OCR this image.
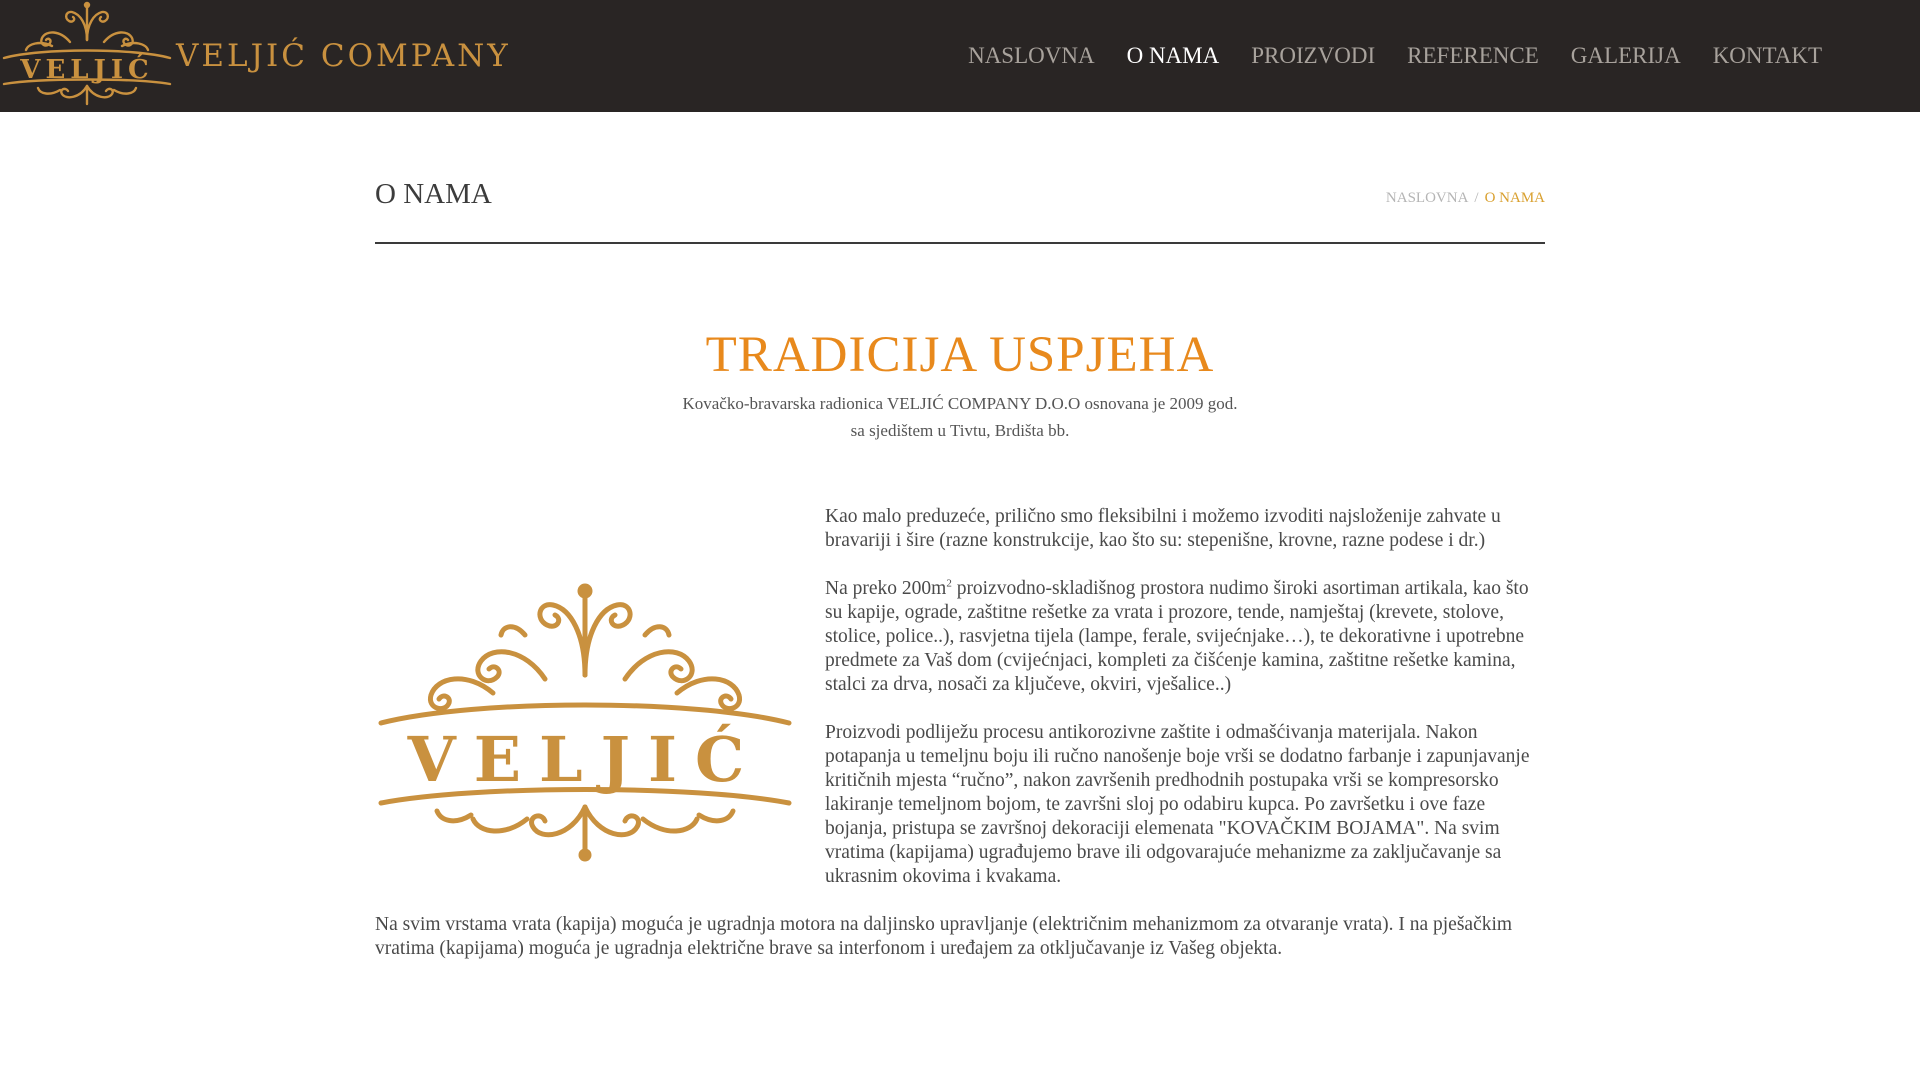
VELJIĆ VELJIĆ COMPANY	NASLOVNA O NAMA PROIZVODI REFERENCE GALERIJA KONTAKT
O NAMA	NASLOVNA / O NAMA
TRADICIJA USPJEHA
Kovačko-bravarska radionica VELJIĆ COMPANY D.O.O osnovana je 2009 god.
sa sjedištem u Tivtu, Brdišta bb.
VELJIĆ

Kao malo preduzeće, prilično smo fleksibilni i možemo izvoditi najsloženije zahvate u bravariji i šire (razne konstrukcije, kao što su: stepenišne, krovne, razne podese i dr.)

Na preko $200m^2$ proizvodno-skladišnog prostora nudimo široki asortiman artikala, kao što su kapije, ograde, zaštitne rešetke za vrata i prozore, tende, namještaj (krevete, stolove, stolice, police..), rasvjetna tijela (lampe, ferale, svijećnjake…), te dekorativne i upotrebne predmete za Vaš dom (cvijećnjaci, kompleti za čišćenje kamina, zaštitne rešetke kamina, stalci za drva, nosači za ključeve, okviri, vješalice..)

Proizvodi podliježu procesu antikorozivne zaštite i odmašćivanja materijala. Nakon potapanja u temeljnu boju ili ručno nanošenje boje vrši se dodatno farbanje i zapunjavanje kritičnih mjesta “ručno”, nakon završenih predhodnih postupaka vrši se kompresorsko lakiranje temeljnom bojom, te završni sloj po odabiru kupca. Po završetku i ove faze bojanja, pristupa se završnoj dekoraciji elemenata "KOVAČKIM BOJAMA". Na svim vratima (kapijama) ugrađujemo brave ili odgovarajuće mehanizme za zaključavanje sa ukrasnim okovima i kvakama.

Na svim vrstama vrata (kapija) moguća je ugradnja motora na daljinsko upravljanje (električnim mehanizmom za otvaranje vrata). I na pješačkim vratima (kapijama) moguća je ugradnja električne brave sa interfonom i uređajem za otključavanje iz Vašeg objekta.
